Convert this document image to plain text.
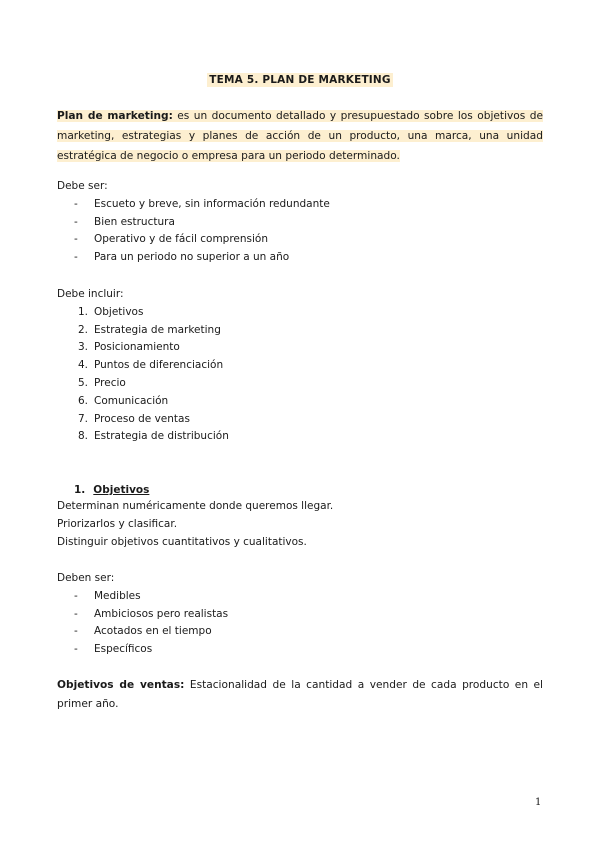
TEMA 5. PLAN DE MARKETING
Plan de marketing: es un documento detallado y presupuestado sobre los objetivos de marketing, estrategias y planes de acción de un producto, una marca, una unidad estratégica de negocio o empresa para un periodo determinado.
Debe ser:
- Escueto y breve, sin información redundante
- Bien estructura
- Operativo y de fácil comprensión
- Para un periodo no superior a un año
Debe incluir:
1. Objetivos
2. Estrategia de marketing
3. Posicionamiento
4. Puntos de diferenciación
5. Precio
6. Comunicación
7. Proceso de ventas
8. Estrategia de distribución
1. Objetivos
Determinan numéricamente donde queremos llegar.
Priorizarlos y clasificar.
Distinguir objetivos cuantitativos y cualitativos.
Deben ser:
- Medibles
- Ambiciosos pero realistas
- Acotados en el tiempo
- Específicos
Objetivos de ventas: Estacionalidad de la cantidad a vender de cada producto en el primer año.
1
